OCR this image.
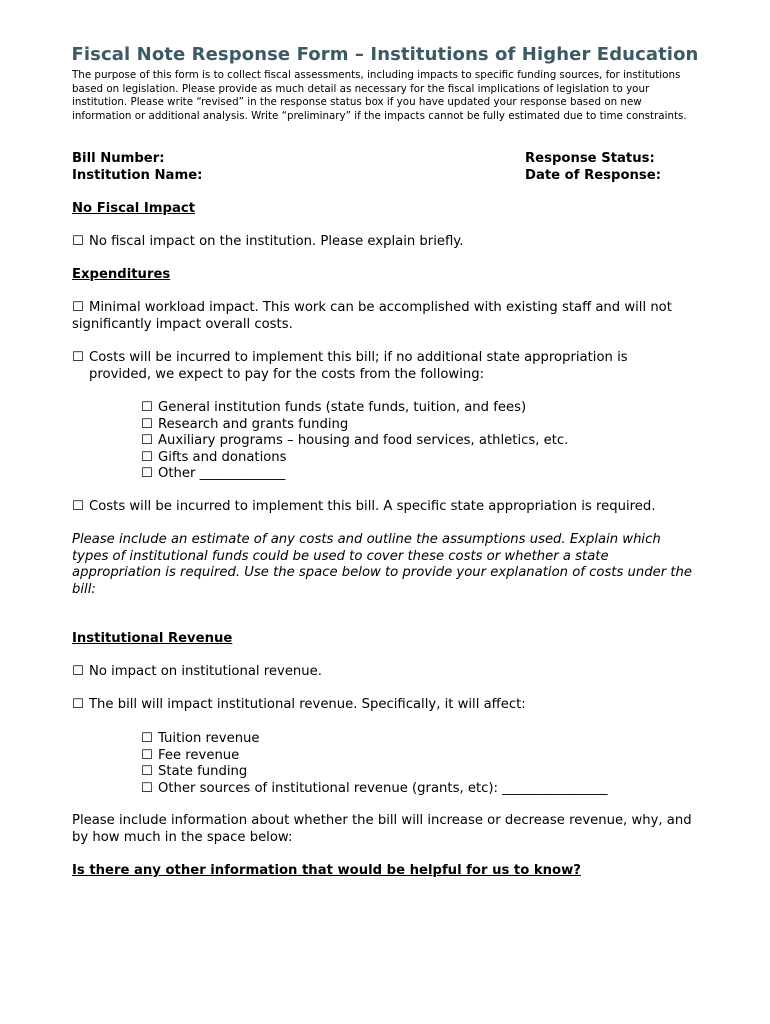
Fiscal Note Response Form – Institutions of Higher Education

The purpose of this form is to collect fiscal assessments, including impacts to specific funding sources, for institutions based on legislation. Please provide as much detail as necessary for the fiscal implications of legislation to your institution. Please write “revised” in the response status box if you have updated your response based on new information or additional analysis. Write “preliminary” if the impacts cannot be fully estimated due to time constraints.

Bill Number:
Institution Name:
Response Status:
Date of Response:
No Fiscal Impact
☐ No fiscal impact on the institution. Please explain briefly.
Expenditures

☐ Minimal workload impact. This work can be accomplished with existing staff and will not significantly impact overall costs.

☐ Costs will be incurred to implement this bill; if no additional state appropriation is provided, we expect to pay for the costs from the following:

☐ General institution funds (state funds, tuition, and fees)
☐ Research and grants funding
☐ Auxiliary programs – housing and food services, athletics, etc.
☐ Gifts and donations
☐ Other _____________
☐ Costs will be incurred to implement this bill. A specific state appropriation is required.

Please include an estimate of any costs and outline the assumptions used. Explain which types of institutional funds could be used to cover these costs or whether a state appropriation is required. Use the space below to provide your explanation of costs under the bill:

Institutional Revenue
☐ No impact on institutional revenue.
☐ The bill will impact institutional revenue. Specifically, it will affect:
☐ Tuition revenue
☐ Fee revenue
☐ State funding
☐ Other sources of institutional revenue (grants, etc): ________________

Please include information about whether the bill will increase or decrease revenue, why, and by how much in the space below:

Is there any other information that would be helpful for us to know?
